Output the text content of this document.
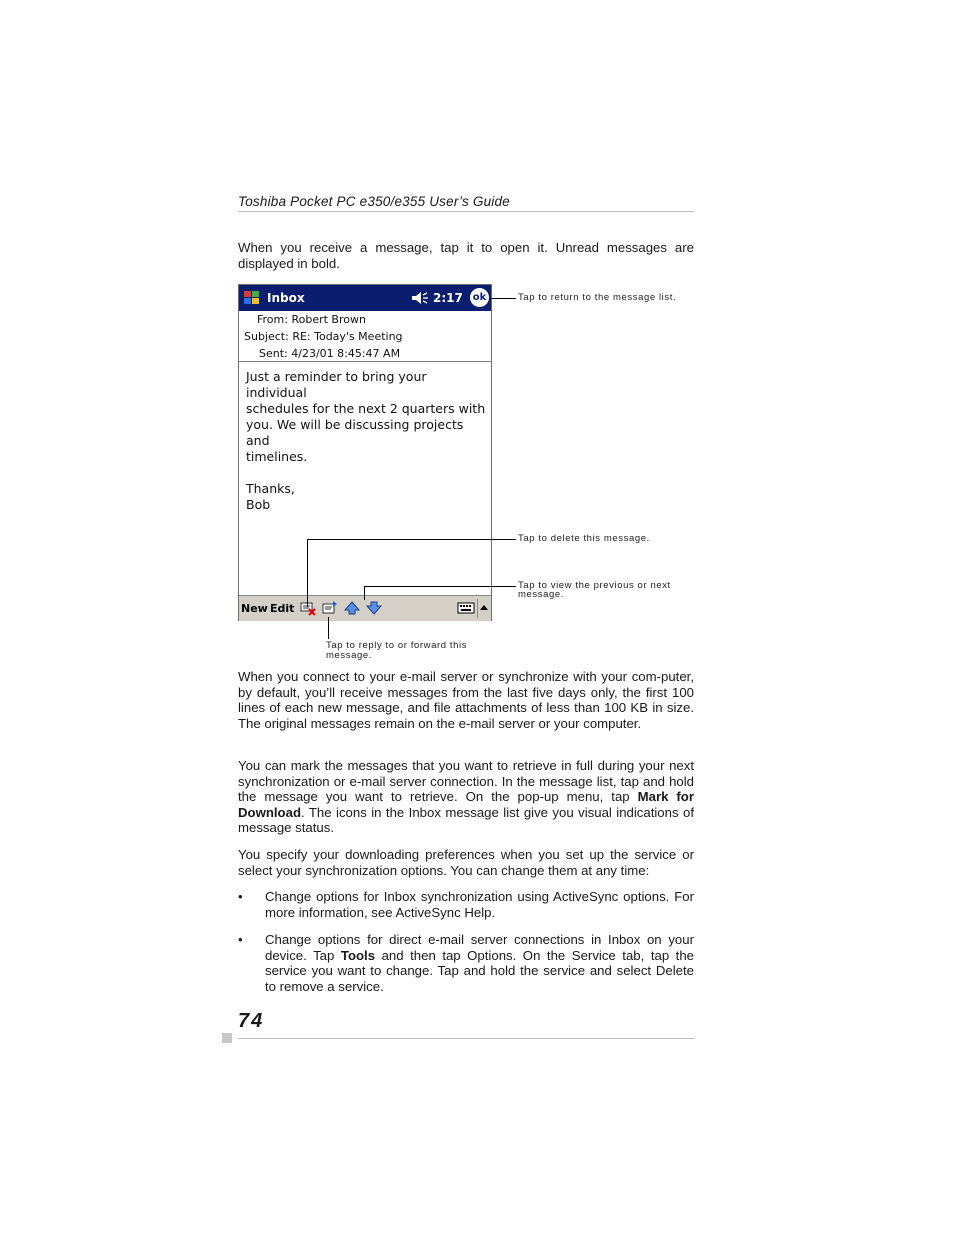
Toshiba Pocket PC e350/e355 User’s Guide
When you receive a message, tap it to open it. Unread messages are displayed in bold.
Inbox	2:17 ok
From: Robert Brown
Subject: RE: Today's Meeting
Sent: 4/23/01 8:45:47 AM
Just a reminder to bring your individual
schedules for the next 2 quarters with
you. We will be discussing projects and
timelines.

Thanks,
Bob
New Edit
Tap to return to the message list.
Tap to delete this message.
Tap to view the previous or next
message.
Tap to reply to or forward this
message.
When you connect to your e-mail server or synchronize with your com-puter, by default, you’ll receive messages from the last five days only, the first 100 lines of each new message, and file attachments of less than 100 KB in size. The original messages remain on the e-mail server or your computer.
You can mark the messages that you want to retrieve in full during your next synchronization or e-mail server connection. In the message list, tap and hold the message you want to retrieve. On the pop-up menu, tap Mark for Download. The icons in the Inbox message list give you visual indications of message status.
You specify your downloading preferences when you set up the service or select your synchronization options. You can change them at any time:
• Change options for Inbox synchronization using ActiveSync options. For more information, see ActiveSync Help.
• Change options for direct e-mail server connections in Inbox on your device. Tap Tools and then tap Options. On the Service tab, tap the service you want to change. Tap and hold the service and select Delete to remove a service.
74
